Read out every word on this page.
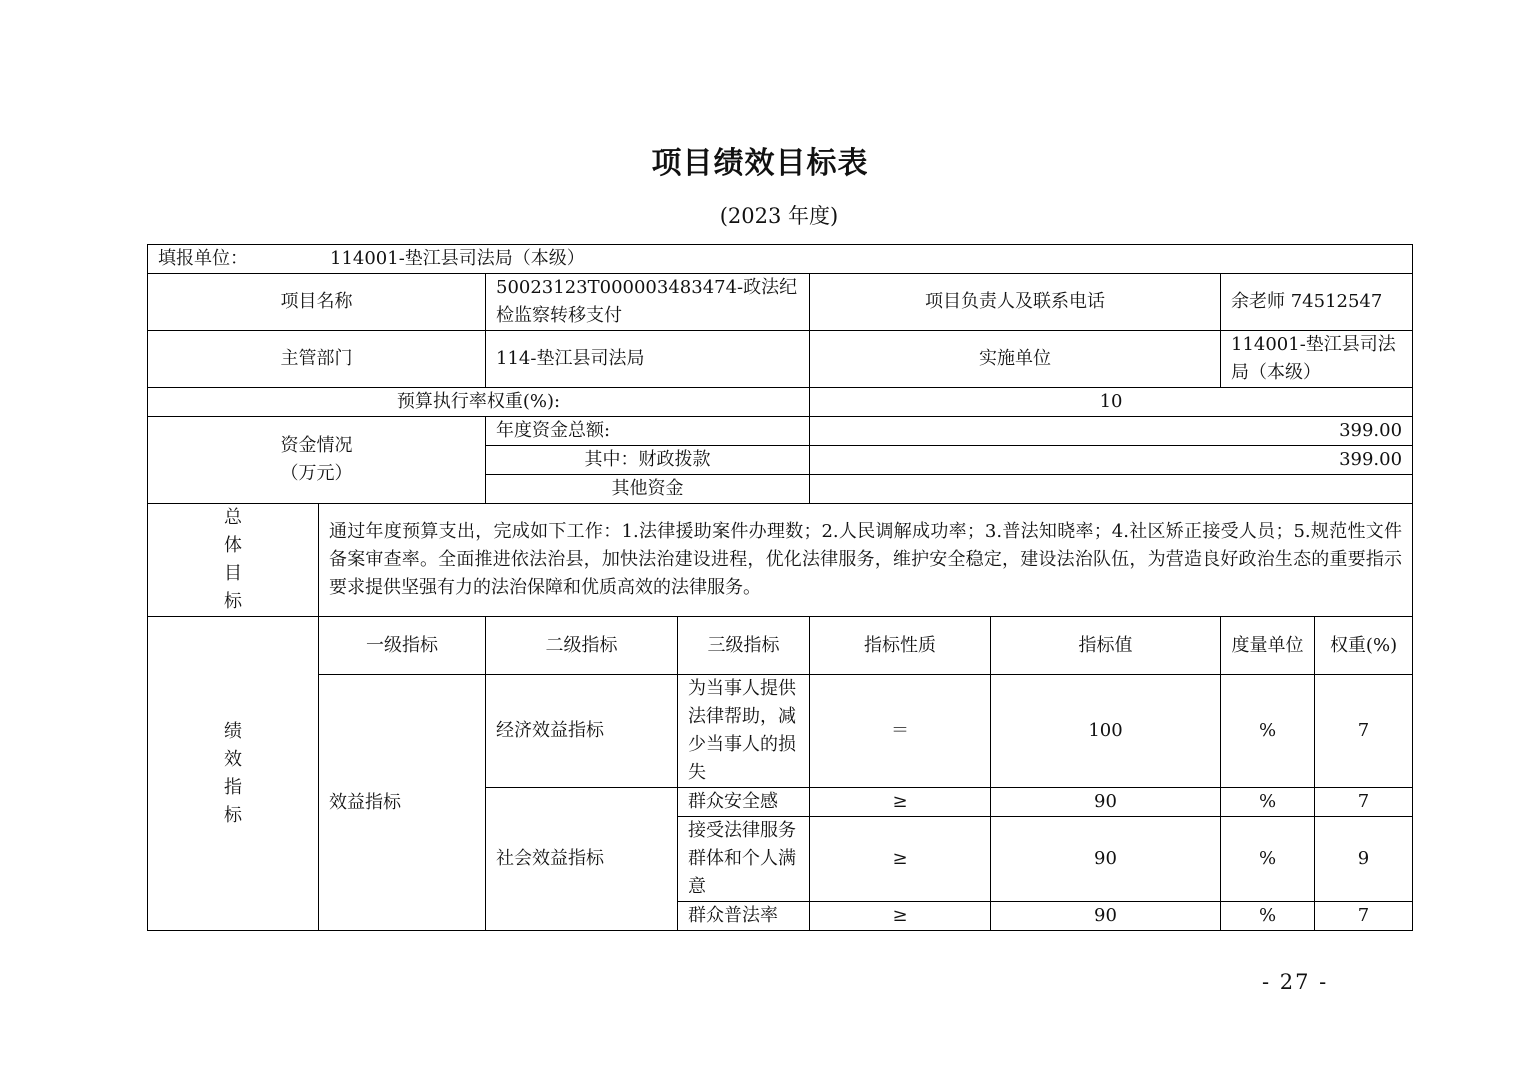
项目绩效目标表
(2023 年度)
填报单位： 114001-垫江县司法局（本级）							
项目名称		50023123T000003483474-政法纪检监察转移支付		项目负责人及联系电话		余老师 74512547	
主管部门		114-垫江县司法局		实施单位		114001-垫江县司法局（本级）	
预算执行率权重(%):				10			

资金情况
（万元）		年度资金总额:		399.00			
		其中：财政拨款		399.00			
		其他资金					

总
体
目
标	通过年度预算支出，完成如下工作：1.法律援助案件办理数；2.人民调解成功率；3.普法知晓率；4.社区矫正接受人员；5.规范性文件备案审查率。全面推进依法治县，加快法治建设进程，优化法律服务，维护安全稳定，建设法治队伍，为营造良好政治生态的重要指示要求提供坚强有力的法治保障和优质高效的法律服务。						

绩
效
指
标	一级指标	二级指标	三级指标	指标性质	指标值	度量单位	权重(%)
	效益指标	经济效益指标	为当事人提供法律帮助，减少当事人的损失	＝	100	%	7
		社会效益指标	群众安全感	≥	90	%	7
			接受法律服务群体和个人满意	≥	90	%	9
			群众普法率	≥	90	%	7
- 27 -
